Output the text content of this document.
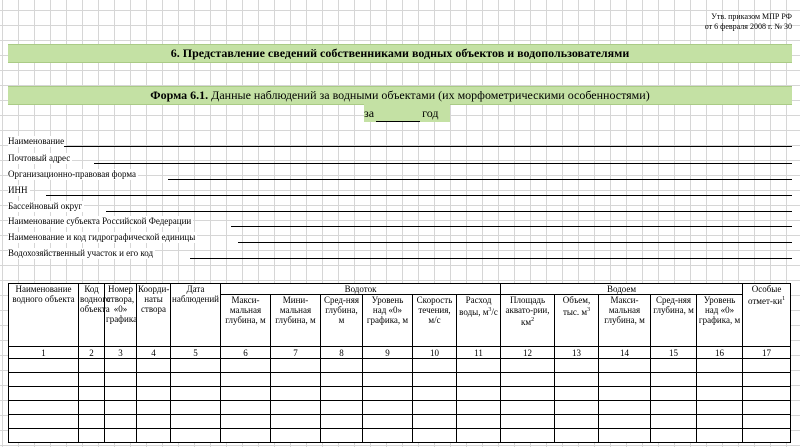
Утв. приказом МПР РФ
от 6 февраля 2008 г. № 30
6. Представление сведений собственниками водных объектов и водопользователями
Форма 6.1. Данные наблюдений за водными объектами (их морфометрическими особенностями)
за	год
Наименование
Почтовый адрес
Организационно-правовая форма
ИНН
Бассейновый округ
Наименование субъекта Российской Федерации
Наименование и код гидрографической единицы
Водохозяйственный участок и его код
Наименование водного объекта	Код водного объекта	Номер створа, «0» графика	Коорди-наты створа	Дата наблюдений	Водоток						Водоем					Особые отмет-$ки^1$
					Макси-мальная глубина, м	Мини-мальная глубина, м	Сред-няя глубина, м	Уровень над «0» графика, м	Скорость течения, м/с	Расход воды, $м^3/с$	Площадь аквато-рии, $км^2$	Объем, тыс. $м^3$	Макси-мальная глубина, м	Сред-няя глубина, м	Уровень над «0» графика, м	
1	2	3	4	5	6	7	8	9	10	11	12	13	14	15	16	17
